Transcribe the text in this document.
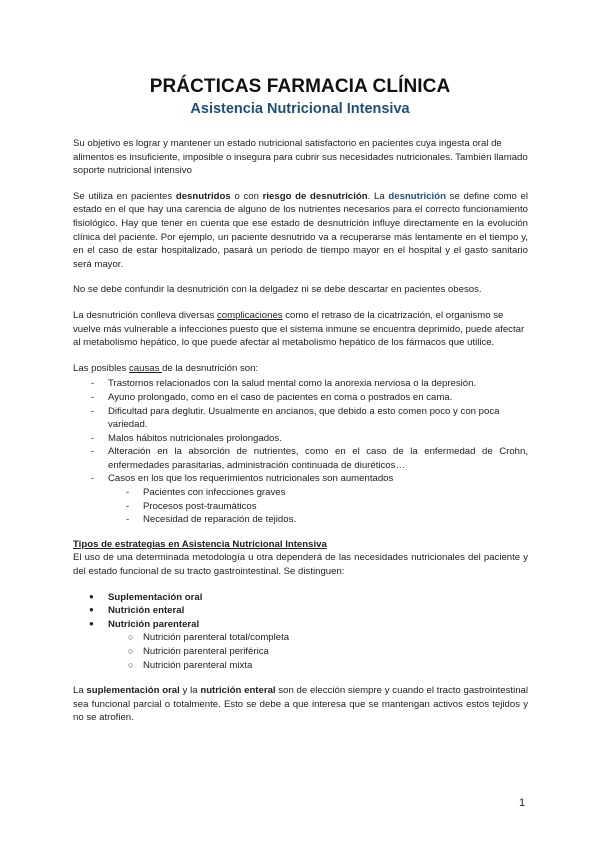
PRÁCTICAS FARMACIA CLÍNICA
Asistencia Nutricional Intensiva

Su objetivo es lograr y mantener un estado nutricional satisfactorio en pacientes cuya ingesta oral de alimentos es insuficiente, imposible o insegura para cubrir sus necesidades nutricionales. También llamado soporte nutricional intensivo

Se utiliza en pacientes desnutridos o con riesgo de desnutrición. La desnutrición se define como el estado en el que hay una carencia de alguno de los nutrientes necesarios para el correcto funcionamiento fisiológico. Hay que tener en cuenta que ese estado de desnutrición influye directamente en la evolución clínica del paciente. Por ejemplo, un paciente desnutrido va a recuperarse más lentamente en el tiempo y, en el caso de estar hospitalizado, pasará un periodo de tiempo mayor en el hospital y el gasto sanitario será mayor.

No se debe confundir la desnutrición con la delgadez ni se debe descartar en pacientes obesos.

La desnutrición conlleva diversas complicaciones como el retraso de la cicatrización, el organismo se vuelve más vulnerable a infecciones puesto que el sistema inmune se encuentra deprimido, puede afectar al metabolismo hepático, lo que puede afectar al metabolismo hepático de los fármacos que utilice.

Las posibles causas de la desnutrición son:

- Trastornos relacionados con la salud mental como la anorexia nerviosa o la depresión.
- Ayuno prolongado, como en el caso de pacientes en coma o postrados en cama.
- Dificultad para deglutir. Usualmente en ancianos, que debido a esto comen poco y con poca variedad.
- Malos hábitos nutricionales prolongados.
- Alteración en la absorción de nutrientes, como en el caso de la enfermedad de Crohn, enfermedades parasitarias, administración continuada de diuréticos…
- Casos en los que los requerimientos nutricionales son aumentados
- Pacientes con infecciones graves
- Procesos post-traumáticos
- Necesidad de reparación de tejidos.

Tipos de estrategias en Asistencia Nutricional Intensiva

El uso de una determinada metodología u otra dependerá de las necesidades nutricionales del paciente y del estado funcional de su tracto gastrointestinal. Se distinguen:

● Suplementación oral
● Nutrición enteral
● Nutrición parenteral
○ Nutrición parenteral total/completa
○ Nutrición parenteral periférica
○ Nutrición parenteral mixta

La suplementación oral y la nutrición enteral son de elección siempre y cuando el tracto gastrointestinal sea funcional parcial o totalmente. Esto se debe a que interesa que se mantengan activos estos tejidos y no se atrofien.

1
